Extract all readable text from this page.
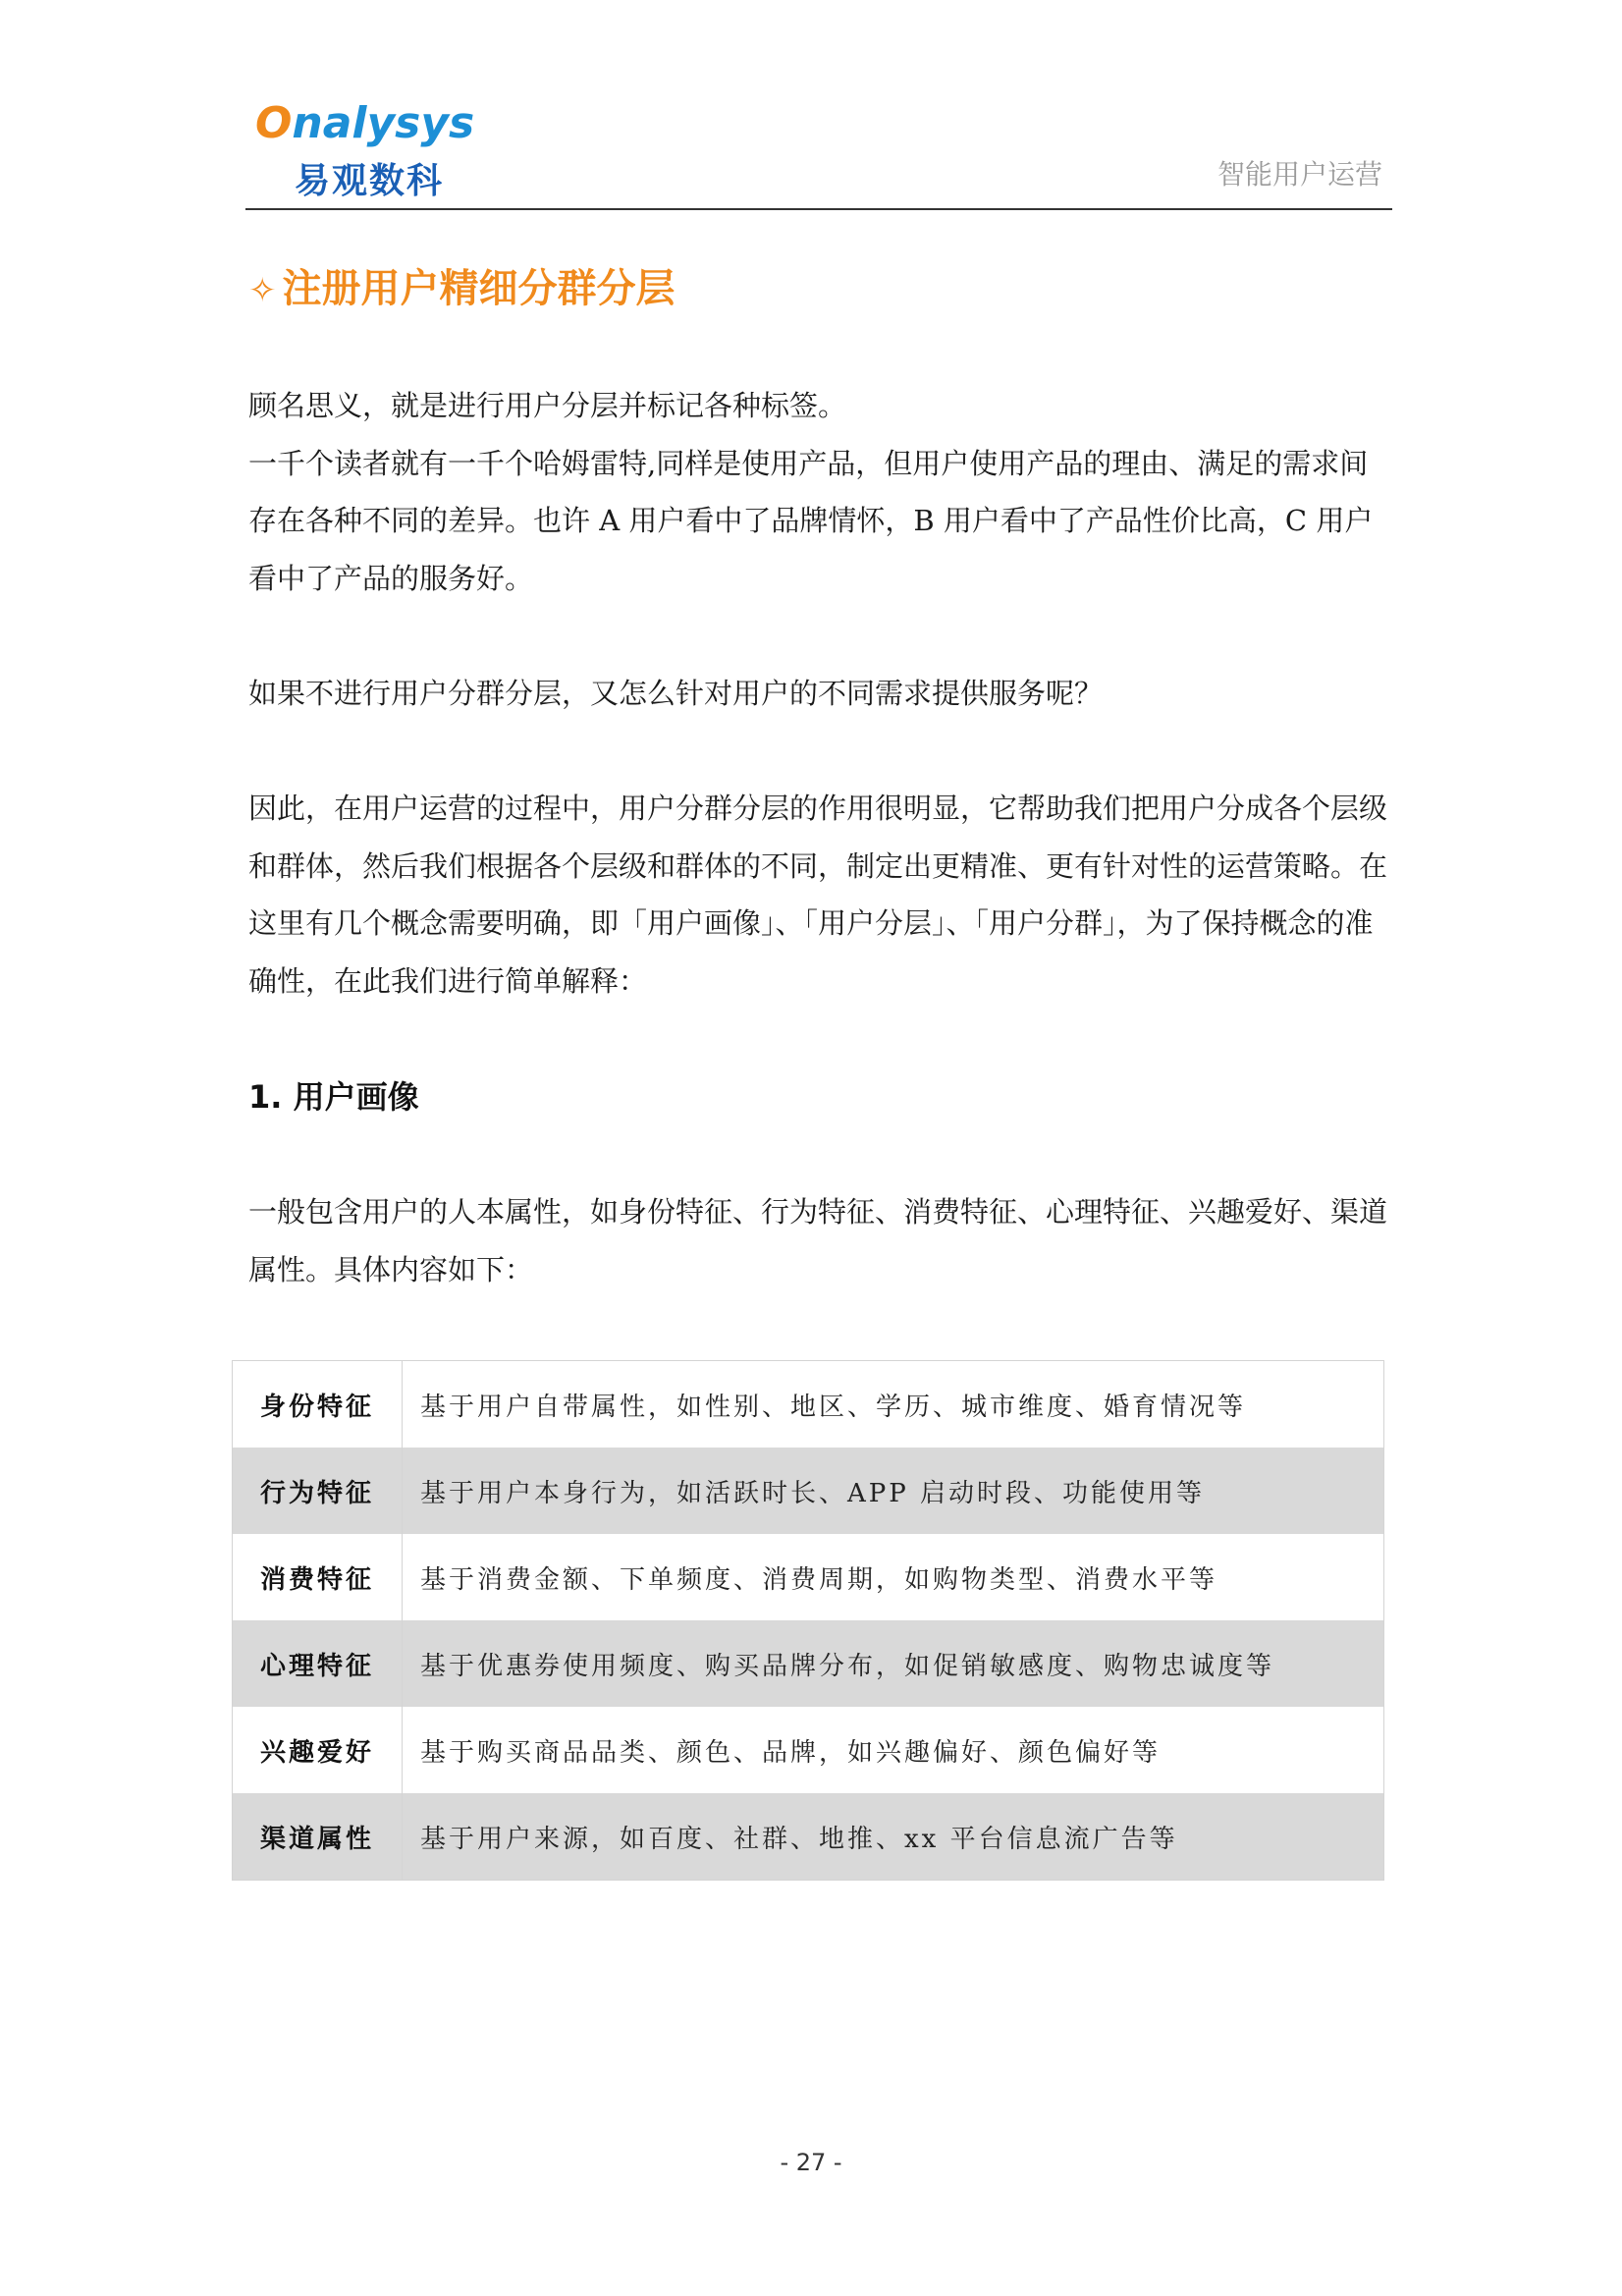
Onalysys
易观数科	智能用户运营
✧ 注册用户精细分群分层

顾名思义，就是进行用户分层并标记各种标签。

一千个读者就有一千个哈姆雷特,同样是使用产品，但用户使用产品的理由、满足的需求间存在各种不同的差异。也许 A 用户看中了品牌情怀，B 用户看中了产品性价比高，C 用户看中了产品的服务好。

如果不进行用户分群分层，又怎么针对用户的不同需求提供服务呢？

因此，在用户运营的过程中，用户分群分层的作用很明显，它帮助我们把用户分成各个层级和群体，然后我们根据各个层级和群体的不同，制定出更精准、更有针对性的运营策略。在这里有几个概念需要明确，即「用户画像」、「用户分层」、「用户分群」，为了保持概念的准确性，在此我们进行简单解释：

1. 用户画像

一般包含用户的人本属性，如身份特征、行为特征、消费特征、心理特征、兴趣爱好、渠道属性。具体内容如下：

身份特征	基于用户自带属性，如性别、地区、学历、城市维度、婚育情况等
行为特征	基于用户本身行为，如活跃时长、APP 启动时段、功能使用等
消费特征	基于消费金额、下单频度、消费周期，如购物类型、消费水平等
心理特征	基于优惠券使用频度、购买品牌分布，如促销敏感度、购物忠诚度等
兴趣爱好	基于购买商品品类、颜色、品牌，如兴趣偏好、颜色偏好等
渠道属性	基于用户来源，如百度、社群、地推、xx 平台信息流广告等
- 27 -
